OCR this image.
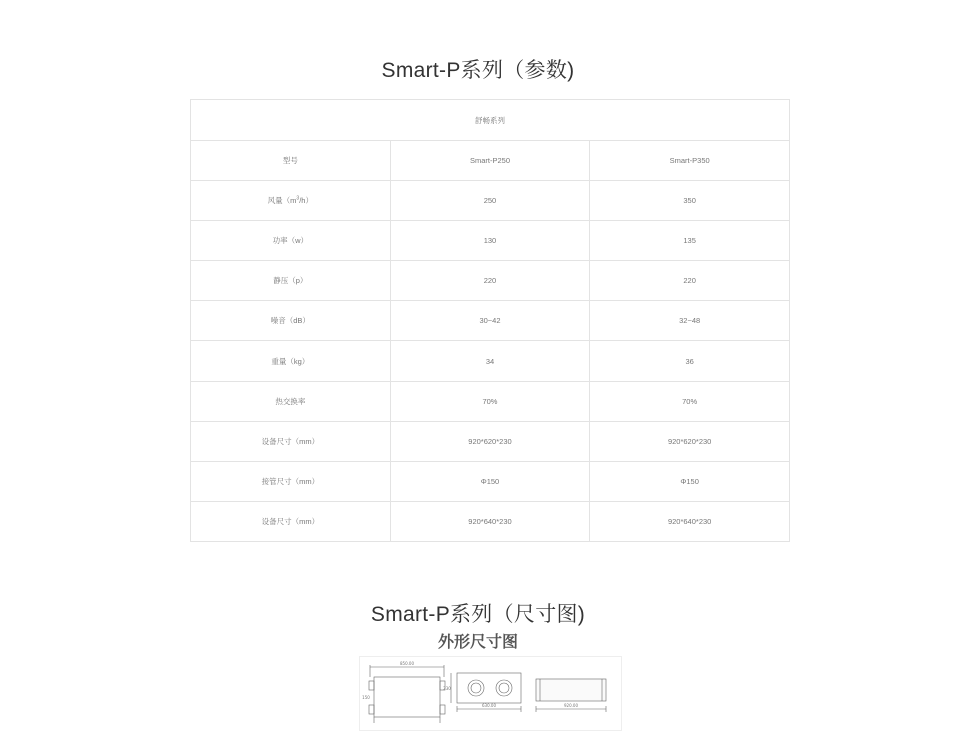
Smart-P系列（参数)
舒畅系列		
型号	Smart-P250	Smart-P350
风量$(m^3/h)$	250	350
功率（w）	130	135
静压（p）	220	220
噪音（dB）	30~42	32~48
重量（kg）	34	36
热交换率	70%	70%
设备尺寸（mm）	920*620*230	920*620*230
接管尺寸（mm）	Φ150	Φ150
设备尺寸（mm）	920*640*230	920*640*230
Smart-P系列（尺寸图)
外形尺寸图
850.00
630.00	920.00
230
150
